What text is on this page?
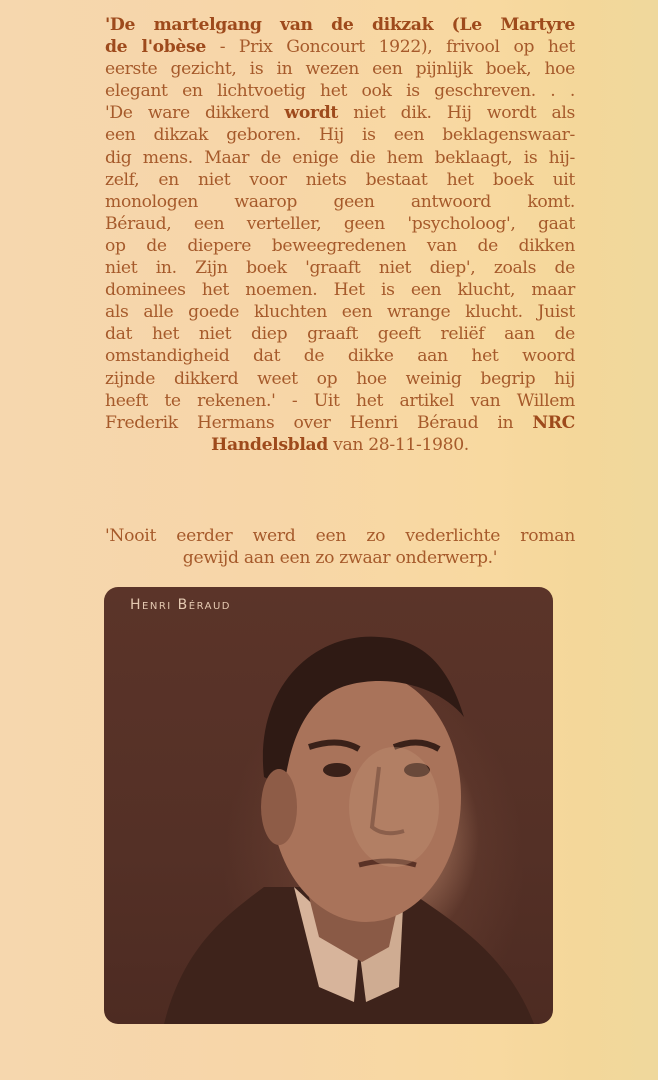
'De martelgang van de dikzak (Le Martyre
de l'obèse - Prix Goncourt 1922), frivool op het
eerste gezicht, is in wezen een pijnlijk boek, hoe
elegant en lichtvoetig het ook is geschreven. . .
'De ware dikkerd wordt niet dik. Hij wordt als
een dikzak geboren. Hij is een beklagenswaar-
dig mens. Maar de enige die hem beklaagt, is hij-
zelf, en niet voor niets bestaat het boek uit
monologen waarop geen antwoord komt.
Béraud, een verteller, geen 'psycholoog', gaat
op de diepere beweegredenen van de dikken
niet in. Zijn boek 'graaft niet diep', zoals de
dominees het noemen. Het is een klucht, maar
als alle goede kluchten een wrange klucht. Juist
dat het niet diep graaft geeft reliëf aan de
omstandigheid dat de dikke aan het woord
zijnde dikkerd weet op hoe weinig begrip hij
heeft te rekenen.' - Uit het artikel van Willem
Frederik Hermans over Henri Béraud in NRC
Handelsblad van 28-11-1980.
'Nooit eerder werd een zo vederlichte roman
gewijd aan een zo zwaar onderwerp.'
Henri Béraud
